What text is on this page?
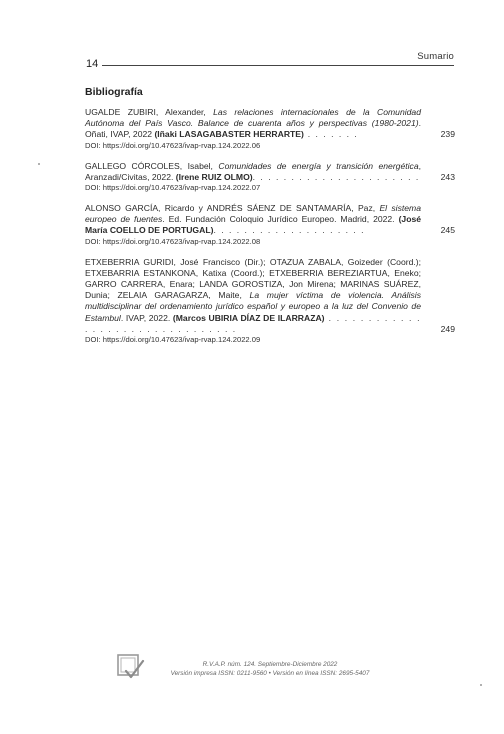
14
Sumario
Bibliografía
UGALDE ZUBIRI, Alexander, Las relaciones internacionales de la Comunidad Autónoma del País Vasco. Balance de cuarenta años y perspectivas (1980-2021). Oñati, IVAP, 2022 (Iñaki LASAGABASTER HERRARTE) . . . . . . .	239
DOI: https://doi.org/10.47623/ivap-rvap.124.2022.06
GALLEGO CÓRCOLES, Isabel, Comunidades de energía y transición energética, Aranzadi/Civitas, 2022. (Irene RUIZ OLMO). . . . . . . . . . . . . . . . . . . . . . 243
DOI: https://doi.org/10.47623/ivap-rvap.124.2022.07
ALONSO GARCÍA, Ricardo y ANDRÉS SÁENZ DE SANTAMARÍA, Paz, El sistema europeo de fuentes. Ed. Fundación Coloquio Jurídico Europeo. Madrid, 2022. (José María COELLO DE PORTUGAL). . . . . . . . . . . . . . . . . . . .	245
DOI: https://doi.org/10.47623/ivap-rvap.124.2022.08
ETXEBERRIA GURIDI, José Francisco (Dir.); OTAZUA ZABALA, Goizeder (Coord.); ETXEBARRIA ESTANKONA, Katixa (Coord.); ETXEBERRIA BEREZIARTUA, Eneko; GARRO CARRERA, Enara; LANDA GOROSTIZA, Jon Mirena; MARINAS SUÁREZ, Dunia; ZELAIA GARAGARZA, Maite, La mujer víctima de violencia. Análisis multidisciplinar del ordenamiento jurídico español y europeo a la luz del Convenio de Estambul. IVAP, 2022. (Marcos UBIRIA DÍAZ DE ILARRAZA) . . . . . . . . . . . . . . . . . . . . . . . . . . . . . . . .	249
DOI: https://doi.org/10.47623/ivap-rvap.124.2022.09
R.V.A.P. núm. 124. Septiembre-Diciembre 2022
Versión impresa ISSN: 0211-9560 • Versión en línea ISSN: 2695-5407
